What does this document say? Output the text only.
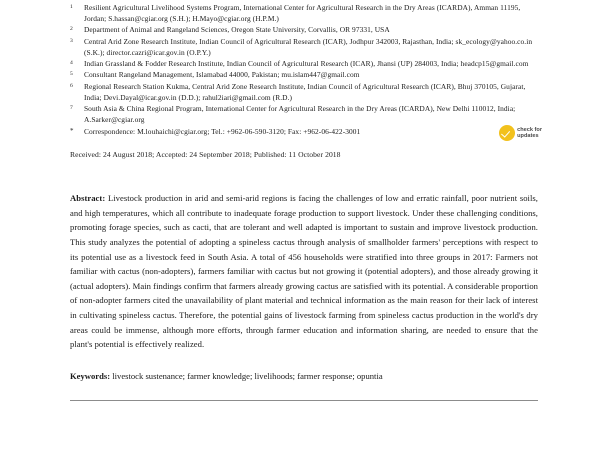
1	Resilient Agricultural Livelihood Systems Program, International Center for Agricultural Research in the Dry Areas (ICARDA), Amman 11195, Jordan; S.hassan@cgiar.org (S.H.); H.Mayo@cgiar.org (H.P.M.)
2	Department of Animal and Rangeland Sciences, Oregon State University, Corvallis, OR 97331, USA
3	Central Arid Zone Research Institute, Indian Council of Agricultural Research (ICAR), Jodhpur 342003, Rajasthan, India; sk_ecology@yahoo.co.in (S.K.); director.cazri@icar.gov.in (O.P.Y.)
4	Indian Grassland & Fodder Research Institute, Indian Council of Agricultural Research (ICAR), Jhansi (UP) 284003, India; headcp15@gmail.com
5	Consultant Rangeland Management, Islamabad 44000, Pakistan; mu.islam447@gmail.com
6	Regional Research Station Kukma, Central Arid Zone Research Institute, Indian Council of Agricultural Research (ICAR), Bhuj 370105, Gujarat, India; Devi.Dayal@icar.gov.in (D.D.); rahul2iari@gmail.com (R.D.)
7	South Asia & China Regional Program, International Center for Agricultural Research in the Dry Areas (ICARDA), New Delhi 110012, India; A.Sarker@cgiar.org
*	Correspondence: M.louhaichi@cgiar.org; Tel.: +962-06-590-3120; Fax: +962-06-422-3001	check for
updates
Received: 24 August 2018; Accepted: 24 September 2018; Published: 11 October 2018

Abstract: Livestock production in arid and semi-arid regions is facing the challenges of low and erratic rainfall, poor nutrient soils, and high temperatures, which all contribute to inadequate forage production to support livestock. Under these challenging conditions, promoting forage species, such as cacti, that are tolerant and well adapted is important to sustain and improve livestock production. This study analyzes the potential of adopting a spineless cactus through analysis of smallholder farmers' perceptions with respect to its potential use as a livestock feed in South Asia. A total of 456 households were stratified into three groups in 2017: Farmers not familiar with cactus (non-adopters), farmers familiar with cactus but not growing it (potential adopters), and those already growing it (actual adopters). Main findings confirm that farmers already growing cactus are satisfied with its potential. A considerable proportion of non-adopter farmers cited the unavailability of plant material and technical information as the main reason for their lack of interest in cultivating spineless cactus. Therefore, the potential gains of livestock farming from spineless cactus production in the world's dry areas could be immense, although more efforts, through farmer education and information sharing, are needed to ensure that the plant's potential is effectively realized.

Keywords: livestock sustenance; farmer knowledge; livelihoods; farmer response; opuntia
